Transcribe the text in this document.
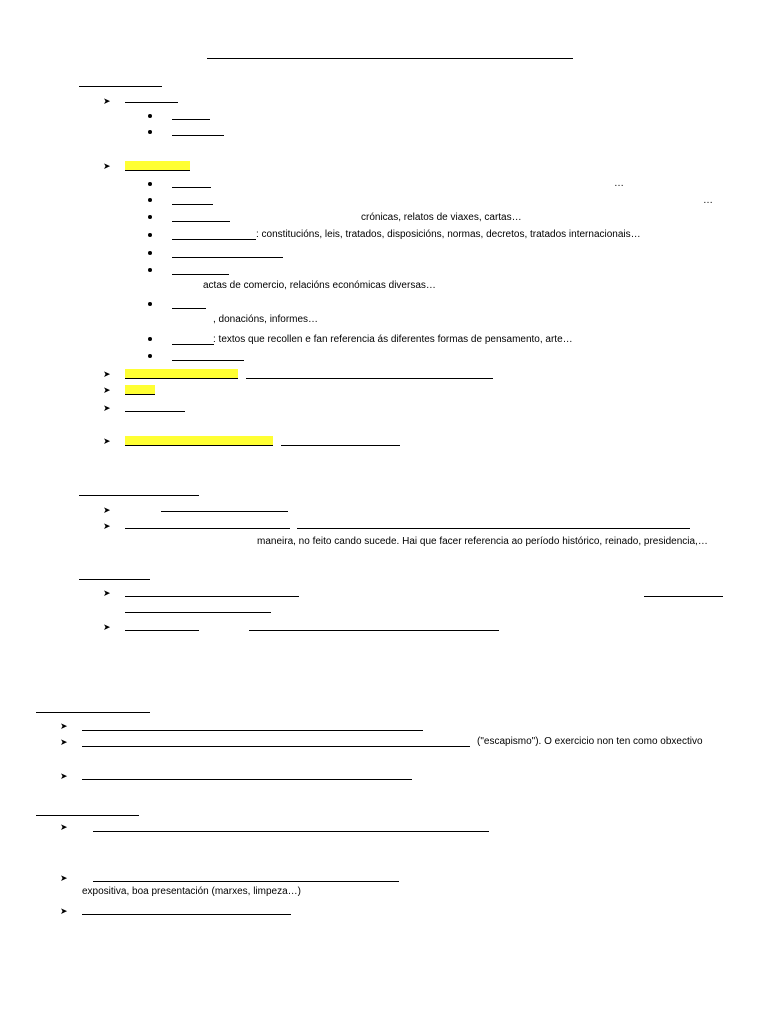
➤
➤
…
…
crónicas, relatos de viaxes, cartas…
: constitucións, leis, tratados, disposicións, normas, decretos, tratados internacionais…
actas de comercio, relacións económicas diversas…
, donacións, informes…
: textos que recollen e fan referencia ás diferentes formas de pensamento, arte…
➤
➤
➤
➤
➤
➤
maneira, no feito cando sucede. Hai que facer referencia ao período histórico, reinado, presidencia,…
➤
➤
➤
➤	("escapismo"). O exercicio non ten como obxectivo
➤
➤
➤
expositiva, boa presentación (marxes, limpeza…)
➤
